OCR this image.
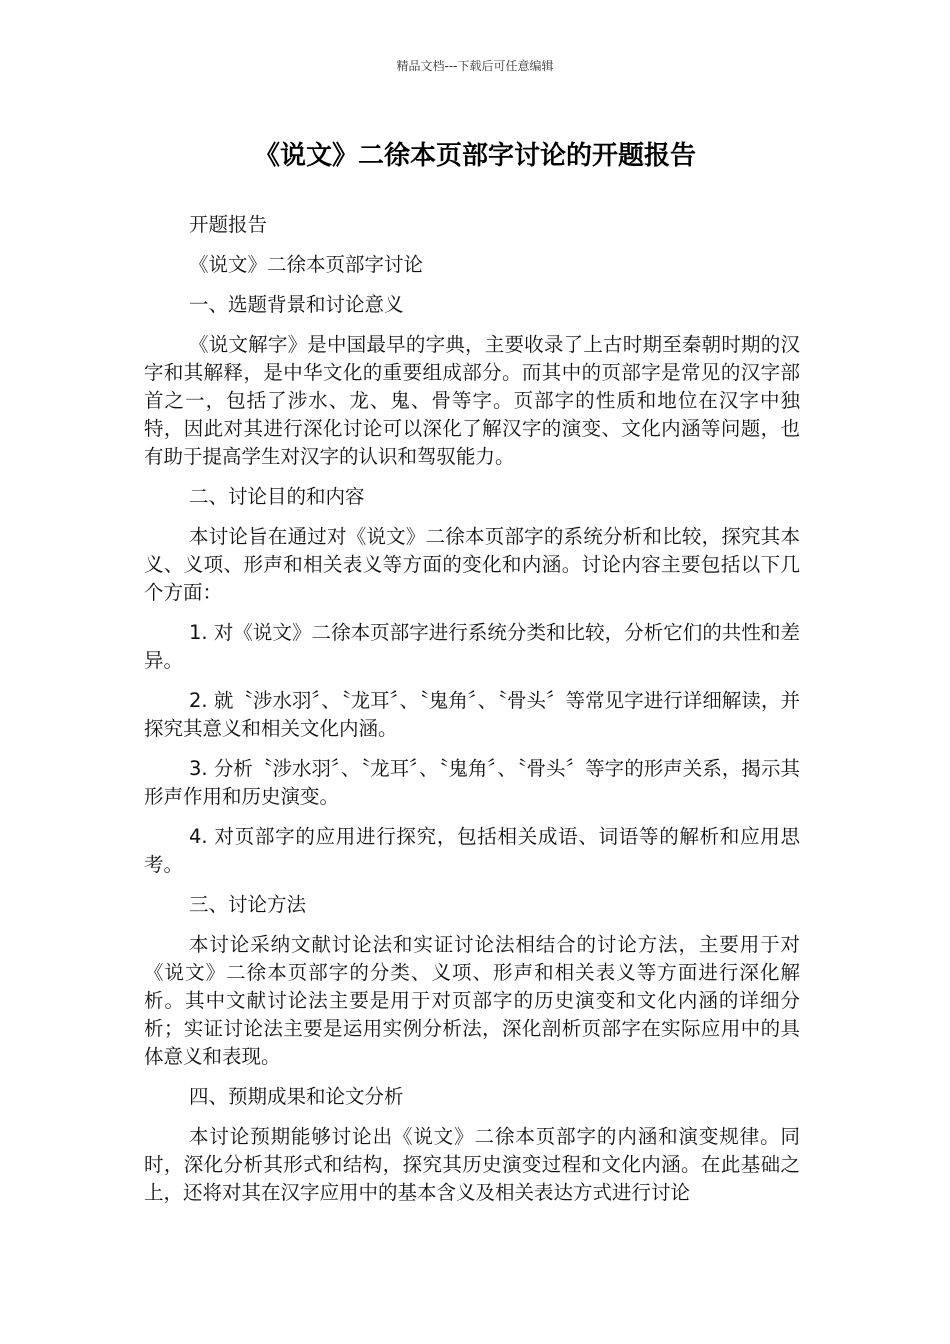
精品文档---下载后可任意编辑
《说文》二徐本页部字讨论的开题报告

开题报告

《说文》二徐本页部字讨论

一、选题背景和讨论意义

《说文解字》是中国最早的字典，主要收录了上古时期至秦朝时期的汉字和其解释，是中华文化的重要组成部分。而其中的页部字是常见的汉字部首之一，包括了涉水、龙、鬼、骨等字。页部字的性质和地位在汉字中独特，因此对其进行深化讨论可以深化了解汉字的演变、文化内涵等问题，也有助于提高学生对汉字的认识和驾驭能力。

二、讨论目的和内容

本讨论旨在通过对《说文》二徐本页部字的系统分析和比较，探究其本义、义项、形声和相关表义等方面的变化和内涵。讨论内容主要包括以下几个方面：

1. 对《说文》二徐本页部字进行系统分类和比较，分析它们的共性和差异。

2. 就〝涉水羽〞、〝龙耳〞、〝鬼角〞、〝骨头〞等常见字进行详细解读，并探究其意义和相关文化内涵。

3. 分析〝涉水羽〞、〝龙耳〞、〝鬼角〞、〝骨头〞等字的形声关系，揭示其形声作用和历史演变。

4. 对页部字的应用进行探究，包括相关成语、词语等的解析和应用思考。

三、讨论方法

本讨论采纳文献讨论法和实证讨论法相结合的讨论方法，主要用于对《说文》二徐本页部字的分类、义项、形声和相关表义等方面进行深化解析。其中文献讨论法主要是用于对页部字的历史演变和文化内涵的详细分析；实证讨论法主要是运用实例分析法，深化剖析页部字在实际应用中的具体意义和表现。

四、预期成果和论文分析

本讨论预期能够讨论出《说文》二徐本页部字的内涵和演变规律。同时，深化分析其形式和结构，探究其历史演变过程和文化内涵。在此基础之上，还将对其在汉字应用中的基本含义及相关表达方式进行讨论
